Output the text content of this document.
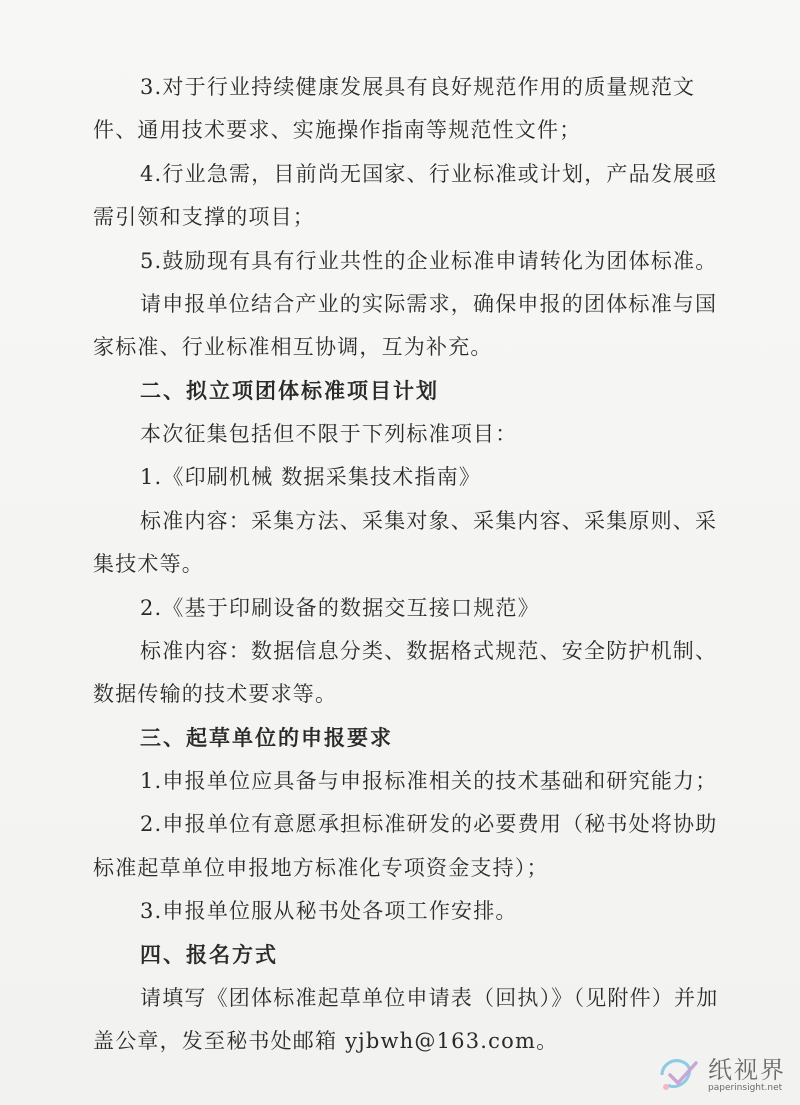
3.对于行业持续健康发展具有良好规范作用的质量规范文
件、通用技术要求、实施操作指南等规范性文件；
4.行业急需，目前尚无国家、行业标准或计划，产品发展亟
需引领和支撑的项目；
5.鼓励现有具有行业共性的企业标准申请转化为团体标准。
请申报单位结合产业的实际需求，确保申报的团体标准与国
家标准、行业标准相互协调，互为补充。
二、拟立项团体标准项目计划
本次征集包括但不限于下列标准项目：
1.《印刷机械 数据采集技术指南》
标准内容：采集方法、采集对象、采集内容、采集原则、采
集技术等。
2.《基于印刷设备的数据交互接口规范》
标准内容：数据信息分类、数据格式规范、安全防护机制、
数据传输的技术要求等。
三、起草单位的申报要求
1.申报单位应具备与申报标准相关的技术基础和研究能力；
2.申报单位有意愿承担标准研发的必要费用（秘书处将协助
标准起草单位申报地方标准化专项资金支持）；
3.申报单位服从秘书处各项工作安排。
四、报名方式
请填写《团体标准起草单位申请表（回执）》（见附件）并加
盖公章，发至秘书处邮箱 yjbwh@163.com。
纸视界
paperinsight.net
